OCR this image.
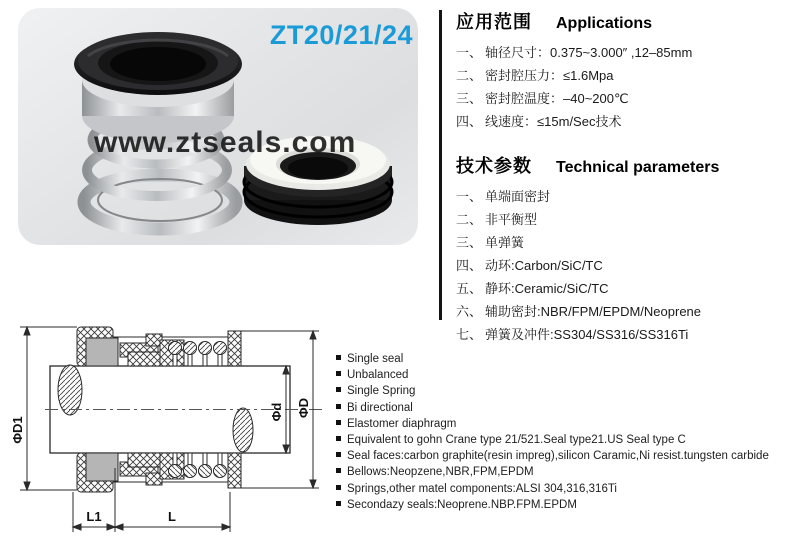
ZT20/21/24
www.ztseals.com
应用范围 Applications
一、 轴径尺寸：0.375~3.000″ ,12–85mm
二、 密封腔压力：≤1.6Mpa
三、 密封腔温度：–40~200℃
四、 线速度：≤15m/Sec技术
技术参数 Technical parameters
一、 单端面密封
二、 非平衡型
三、 单弹簧
四、 动环:Carbon/SiC/TC
五、 静环:Ceramic/SiC/TC
六、 辅助密封:NBR/FPM/EPDM/Neoprene
七、 弹簧及冲件:SS304/SS316/SS316Ti
Single seal
Unbalanced
Single Spring
Bi directional
Elastomer diaphragm
Equivalent to gohn Crane type 21/521.Seal type21.US Seal type C
Seal faces:carbon graphite(resin impreg),silicon Caramic,Ni resist.tungsten carbide
Bellows:Neopzene,NBR,FPM,EPDM
Springs,other matel components:ALSI 304,316,316Ti
Secondazy seals:Neoprene.NBP.FPM.EPDM
ΦD1
Φd ΦD
L1	L
